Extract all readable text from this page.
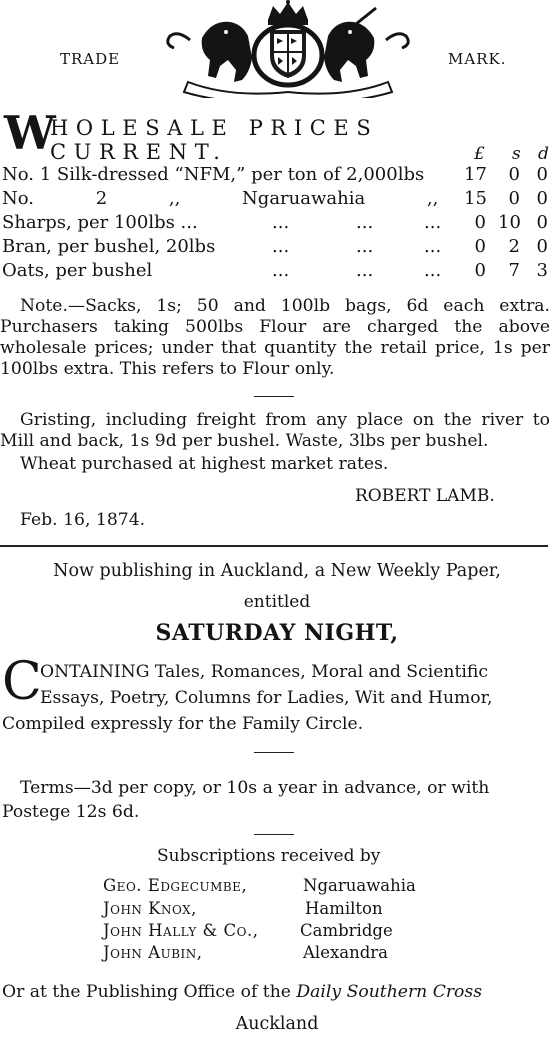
TRADE	MARK.
W
HOLESALE PRICES CURRENT.	£ s d
No. 1 Silk-dressed “NFM,” per ton of 2,000lbs 17	0 0
No. 2 ,, Ngaruawahia ,, 15	0 0
Sharps, per 100lbs ...	...	...	...	0 10 0
Bran, per bushel, 20lbs	...	...	...	0	2 0
Oats, per bushel	...	...	...	0	7 3

Note.—Sacks, 1s; 50 and 100lb bags, 6d each extra. Purchasers taking 500lbs Flour are charged the above wholesale prices; under that quantity the retail price, 1s per 100lbs extra. This refers to Flour only.

Gristing, including freight from any place on the river to Mill and back, 1s 9d per bushel. Waste, 3lbs per bushel.

Wheat purchased at highest market rates.
ROBERT LAMB.
Feb. 16, 1874.
Now publishing in Auckland, a New Weekly Paper,
entitled
SATURDAY NIGHT,
C
ONTAINING Tales, Romances, Moral and Scientific
Essays, Poetry, Columns for Ladies, Wit and Humor,
Compiled expressly for the Family Circle.
Terms—3d per copy, or 10s a year in advance, or with
Postege 12s 6d.
Subscriptions received by
Geo. Edgecumbe,	Ngaruawahia
John Knox,	Hamilton
John Hally & Co.,	Cambridge
John Aubin,	Alexandra
Or at the Publishing Office of the Daily Southern Cross
Auckland
